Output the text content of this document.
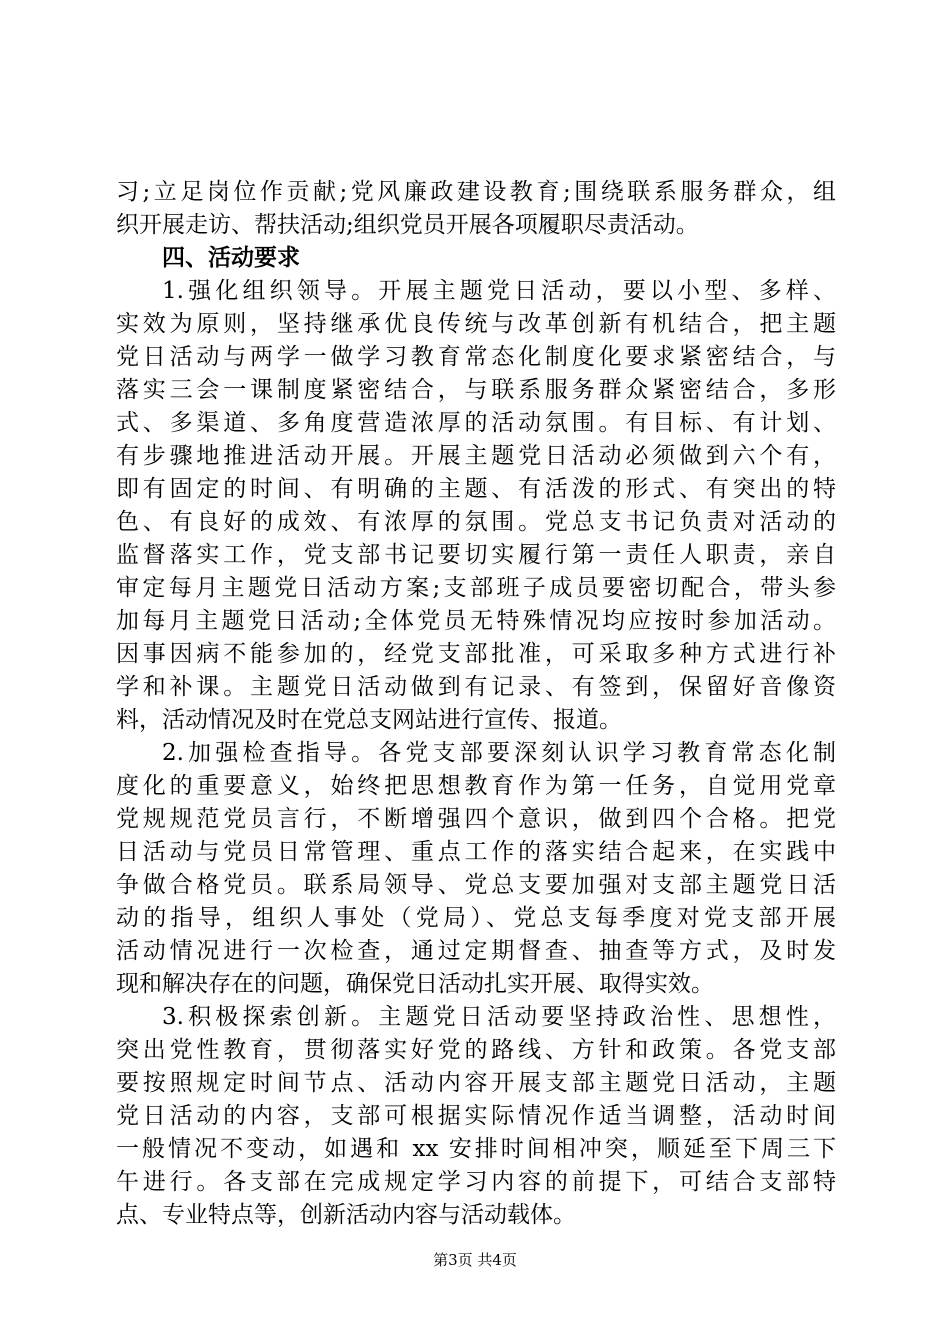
习;立足岗位作贡献;党风廉政建设教育;围绕联系服务群众，组
织开展走访、帮扶活动;组织党员开展各项履职尽责活动。
四、活动要求
1.强化组织领导。开展主题党日活动，要以小型、多样、
实效为原则，坚持继承优良传统与改革创新有机结合，把主题
党日活动与两学一做学习教育常态化制度化要求紧密结合，与
落实三会一课制度紧密结合，与联系服务群众紧密结合，多形
式、多渠道、多角度营造浓厚的活动氛围。有目标、有计划、
有步骤地推进活动开展。开展主题党日活动必须做到六个有，
即有固定的时间、有明确的主题、有活泼的形式、有突出的特
色、有良好的成效、有浓厚的氛围。党总支书记负责对活动的
监督落实工作，党支部书记要切实履行第一责任人职责，亲自
审定每月主题党日活动方案;支部班子成员要密切配合，带头参
加每月主题党日活动;全体党员无特殊情况均应按时参加活动。
因事因病不能参加的，经党支部批准，可采取多种方式进行补
学和补课。主题党日活动做到有记录、有签到，保留好音像资
料，活动情况及时在党总支网站进行宣传、报道。
2.加强检查指导。各党支部要深刻认识学习教育常态化制
度化的重要意义，始终把思想教育作为第一任务，自觉用党章
党规规范党员言行，不断增强四个意识，做到四个合格。把党
日活动与党员日常管理、重点工作的落实结合起来，在实践中
争做合格党员。联系局领导、党总支要加强对支部主题党日活
动的指导，组织人事处（党局）、党总支每季度对党支部开展
活动情况进行一次检查，通过定期督查、抽查等方式，及时发
现和解决存在的问题，确保党日活动扎实开展、取得实效。
3.积极探索创新。主题党日活动要坚持政治性、思想性，
突出党性教育，贯彻落实好党的路线、方针和政策。各党支部
要按照规定时间节点、活动内容开展支部主题党日活动，主题
党日活动的内容，支部可根据实际情况作适当调整，活动时间
一般情况不变动，如遇和 xx 安排时间相冲突，顺延至下周三下
午进行。各支部在完成规定学习内容的前提下，可结合支部特
点、专业特点等，创新活动内容与活动载体。
第3页 共4页
